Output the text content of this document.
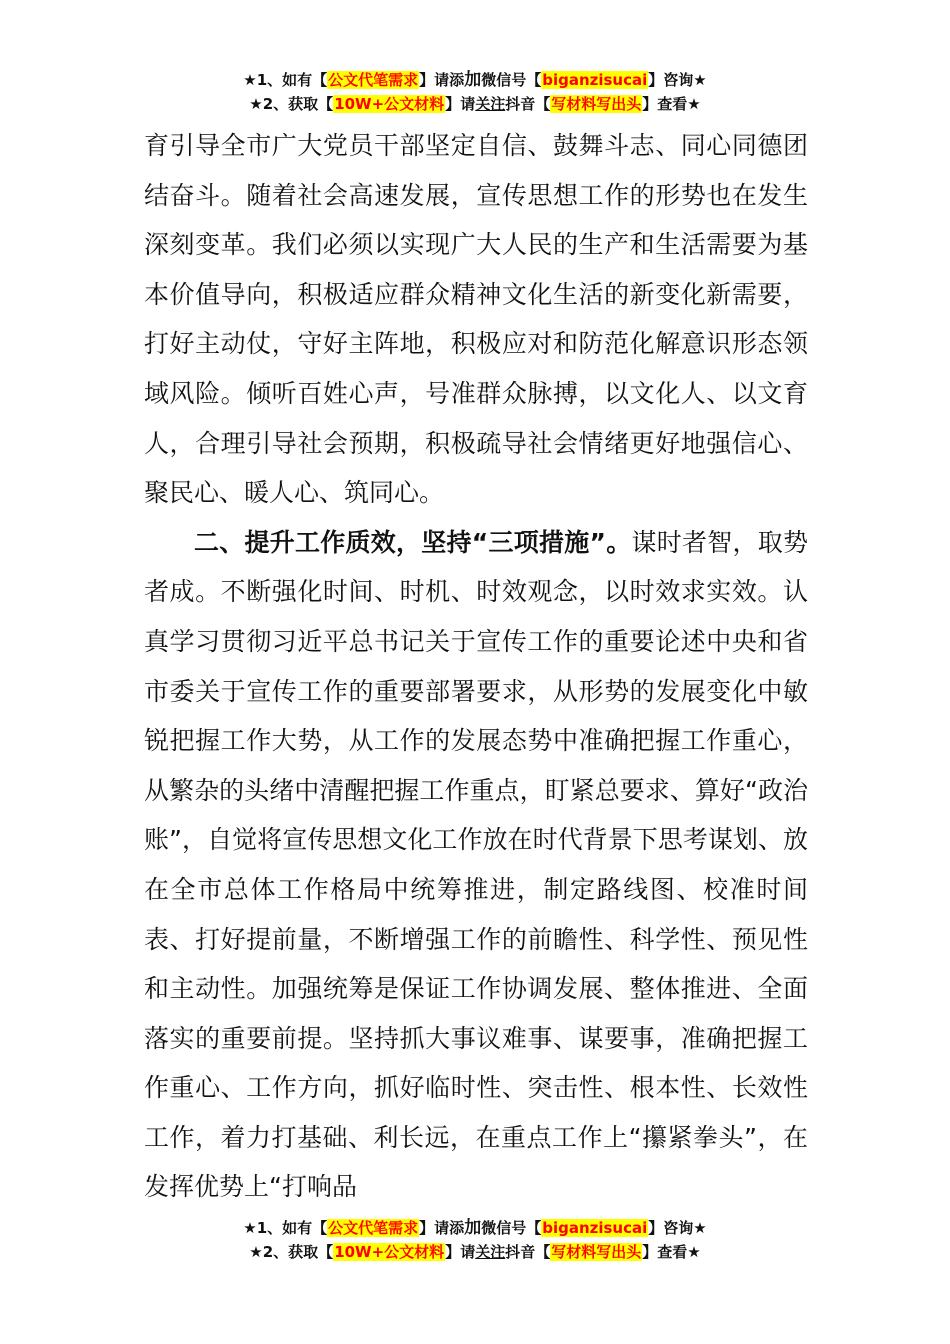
★1、如有【公文代笔需求】请添加微信号【biganzisucai】咨询★
★2、获取【10W+公文材料】请关注抖音【写材料写出头】查看★

育引导全市广大党员干部坚定自信、鼓舞斗志、同心同德团结奋斗。随着社会高速发展，宣传思想工作的形势也在发生深刻变革。我们必须以实现广大人民的生产和生活需要为基本价值导向，积极适应群众精神文化生活的新变化新需要，打好主动仗，守好主阵地，积极应对和防范化解意识形态领域风险。倾听百姓心声，号准群众脉搏，以文化人、以文育人，合理引导社会预期，积极疏导社会情绪更好地强信心、聚民心、暖人心、筑同心。

二、提升工作质效，坚持“三项措施”。谋时者智，取势者成。不断强化时间、时机、时效观念，以时效求实效。认真学习贯彻习近平总书记关于宣传工作的重要论述中央和省市委关于宣传工作的重要部署要求，从形势的发展变化中敏锐把握工作大势，从工作的发展态势中准确把握工作重心，从繁杂的头绪中清醒把握工作重点，盯紧总要求、算好“政治账”，自觉将宣传思想文化工作放在时代背景下思考谋划、放在全市总体工作格局中统筹推进，制定路线图、校准时间表、打好提前量，不断增强工作的前瞻性、科学性、预见性和主动性。加强统筹是保证工作协调发展、整体推进、全面落实的重要前提。坚持抓大事议难事、谋要事，准确把握工作重心、工作方向，抓好临时性、突击性、根本性、长效性工作，着力打基础、利长远，在重点工作上“攥紧拳头”，在发挥优势上“打响品

★1、如有【公文代笔需求】请添加微信号【biganzisucai】咨询★
★2、获取【10W+公文材料】请关注抖音【写材料写出头】查看★
